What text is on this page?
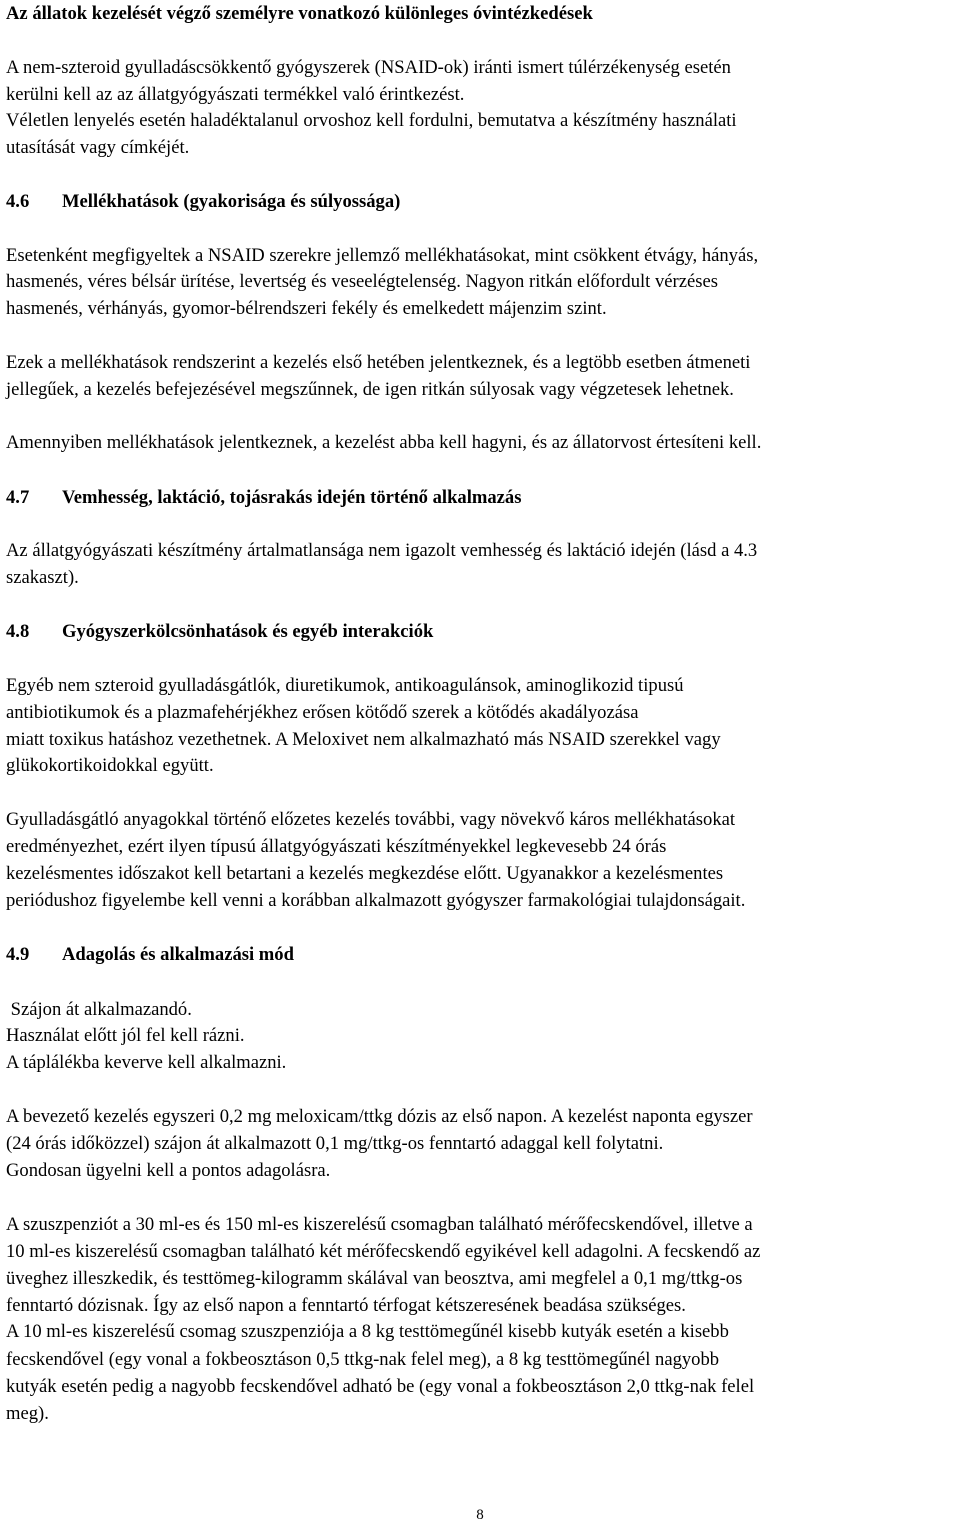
Az állatok kezelését végző személyre vonatkozó különleges óvintézkedések
A nem-szteroid gyulladáscsökkentő gyógyszerek (NSAID-ok) iránti ismert túlérzékenység esetén
kerülni kell az az állatgyógyászati termékkel való érintkezést.
Véletlen lenyelés esetén haladéktalanul orvoshoz kell fordulni, bemutatva a készítmény használati
utasítását vagy címkéjét.
4.6 Mellékhatások (gyakorisága és súlyossága)
Esetenként megfigyeltek a NSAID szerekre jellemző mellékhatásokat, mint csökkent étvágy, hányás,
hasmenés, véres bélsár ürítése, levertség és veseelégtelenség. Nagyon ritkán előfordult vérzéses
hasmenés, vérhányás, gyomor-bélrendszeri fekély és emelkedett májenzim szint.
Ezek a mellékhatások rendszerint a kezelés első hetében jelentkeznek, és a legtöbb esetben átmeneti
jellegűek, a kezelés befejezésével megszűnnek, de igen ritkán súlyosak vagy végzetesek lehetnek.
Amennyiben mellékhatások jelentkeznek, a kezelést abba kell hagyni, és az állatorvost értesíteni kell.
4.7 Vemhesség, laktáció, tojásrakás idején történő alkalmazás
Az állatgyógyászati készítmény ártalmatlansága nem igazolt vemhesség és laktáció idején (lásd a 4.3
szakaszt).
4.8 Gyógyszerkölcsönhatások és egyéb interakciók
Egyéb nem szteroid gyulladásgátlók, diuretikumok, antikoagulánsok, aminoglikozid tipusú
antibiotikumok és a plazmafehérjékhez erősen kötődő szerek a kötődés akadályozása
miatt toxikus hatáshoz vezethetnek. A Meloxivet nem alkalmazható más NSAID szerekkel vagy
glükokortikoidokkal együtt.
Gyulladásgátló anyagokkal történő előzetes kezelés további, vagy növekvő káros mellékhatásokat
eredményezhet, ezért ilyen típusú állatgyógyászati készítményekkel legkevesebb 24 órás
kezelésmentes időszakot kell betartani a kezelés megkezdése előtt. Ugyanakkor a kezelésmentes
periódushoz figyelembe kell venni a korábban alkalmazott gyógyszer farmakológiai tulajdonságait.
4.9 Adagolás és alkalmazási mód
Szájon át alkalmazandó.
Használat előtt jól fel kell rázni.
A táplálékba keverve kell alkalmazni.
A bevezető kezelés egyszeri 0,2 mg meloxicam/ttkg dózis az első napon. A kezelést naponta egyszer
(24 órás időközzel) szájon át alkalmazott 0,1 mg/ttkg-os fenntartó adaggal kell folytatni.
Gondosan ügyelni kell a pontos adagolásra.
A szuszpenziót a 30 ml-es és 150 ml-es kiszerelésű csomagban található mérőfecskendővel, illetve a
10 ml-es kiszerelésű csomagban található két mérőfecskendő egyikével kell adagolni. A fecskendő az
üveghez illeszkedik, és testtömeg-kilogramm skálával van beosztva, ami megfelel a 0,1 mg/ttkg-os
fenntartó dózisnak. Így az első napon a fenntartó térfogat kétszeresének beadása szükséges.
A 10 ml-es kiszerelésű csomag szuszpenziója a 8 kg testtömegűnél kisebb kutyák esetén a kisebb
fecskendővel (egy vonal a fokbeosztáson 0,5 ttkg-nak felel meg), a 8 kg testtömegűnél nagyobb
kutyák esetén pedig a nagyobb fecskendővel adható be (egy vonal a fokbeosztáson 2,0 ttkg-nak felel
meg).
8
